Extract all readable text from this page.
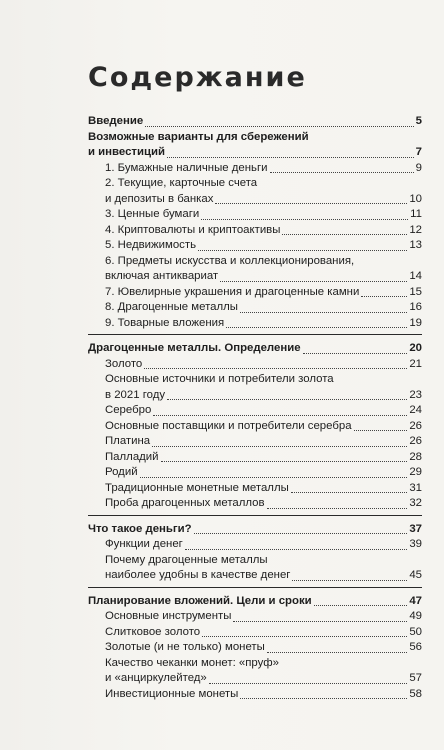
Содержание
Введение	5
Возможные варианты для сбережений
и инвестиций	7
1. Бумажные наличные деньги	9
2. Текущие, карточные счета
и депозиты в банках	10
3. Ценные бумаги	11
4. Криптовалюты и криптоактивы	12
5. Недвижимость	13
6. Предметы искусства и коллекционирования,
включая антиквариат	14
7. Ювелирные украшения и драгоценные камни	15
8. Драгоценные металлы	16
9. Товарные вложения	19
Драгоценные металлы. Определение	20
Золото	21
Основные источники и потребители золота
в 2021 году	23
Серебро	24
Основные поставщики и потребители серебра	26
Платина	26
Палладий	28
Родий	29
Традиционные монетные металлы	31
Проба драгоценных металлов	32
Что такое деньги?	37
Функции денег	39
Почему драгоценные металлы
наиболее удобны в качестве денег	45
Планирование вложений. Цели и сроки	47
Основные инструменты	49
Слитковое золото	50
Золотые (и не только) монеты	56
Качество чеканки монет: «пруф»
и «анциркулейтед»	57
Инвестиционные монеты	58
